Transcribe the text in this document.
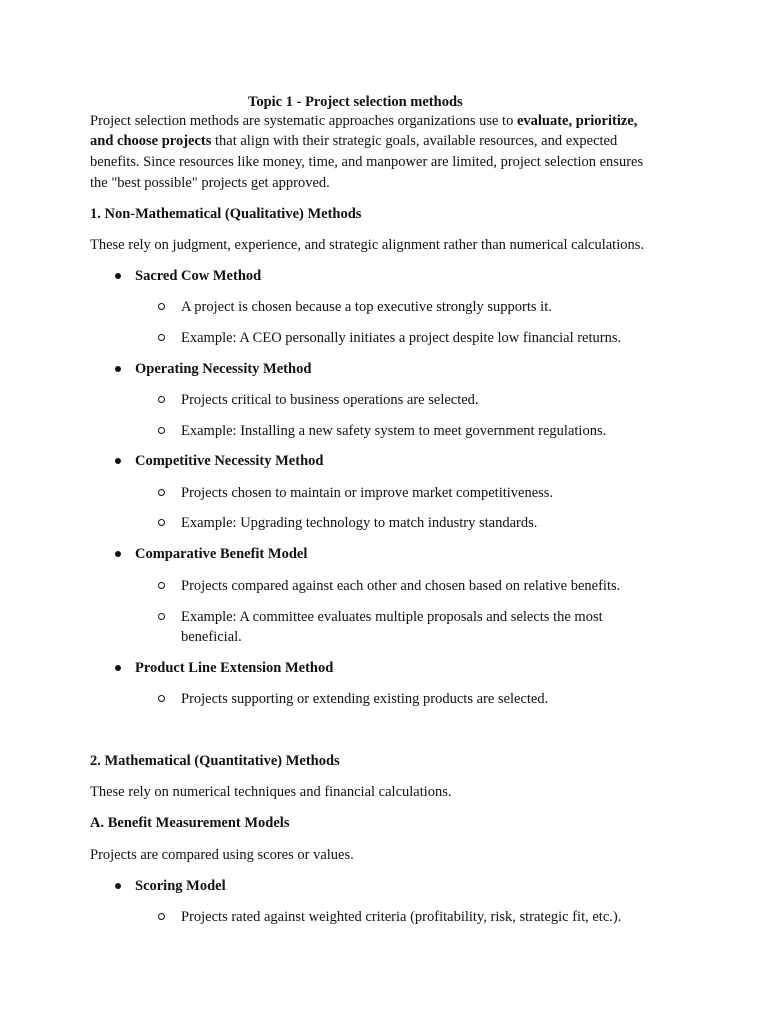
Topic 1 - Project selection methods
Project selection methods are systematic approaches organizations use to evaluate, prioritize,
and choose projects that align with their strategic goals, available resources, and expected
benefits. Since resources like money, time, and manpower are limited, project selection ensures
the "best possible" projects get approved.
1. Non-Mathematical (Qualitative) Methods
These rely on judgment, experience, and strategic alignment rather than numerical calculations.
Sacred Cow Method
A project is chosen because a top executive strongly supports it.
Example: A CEO personally initiates a project despite low financial returns.
Operating Necessity Method
Projects critical to business operations are selected.
Example: Installing a new safety system to meet government regulations.
Competitive Necessity Method
Projects chosen to maintain or improve market competitiveness.
Example: Upgrading technology to match industry standards.
Comparative Benefit Model
Projects compared against each other and chosen based on relative benefits.
Example: A committee evaluates multiple proposals and selects the most
beneficial.
Product Line Extension Method
Projects supporting or extending existing products are selected.
2. Mathematical (Quantitative) Methods
These rely on numerical techniques and financial calculations.
A. Benefit Measurement Models
Projects are compared using scores or values.
Scoring Model
Projects rated against weighted criteria (profitability, risk, strategic fit, etc.).
